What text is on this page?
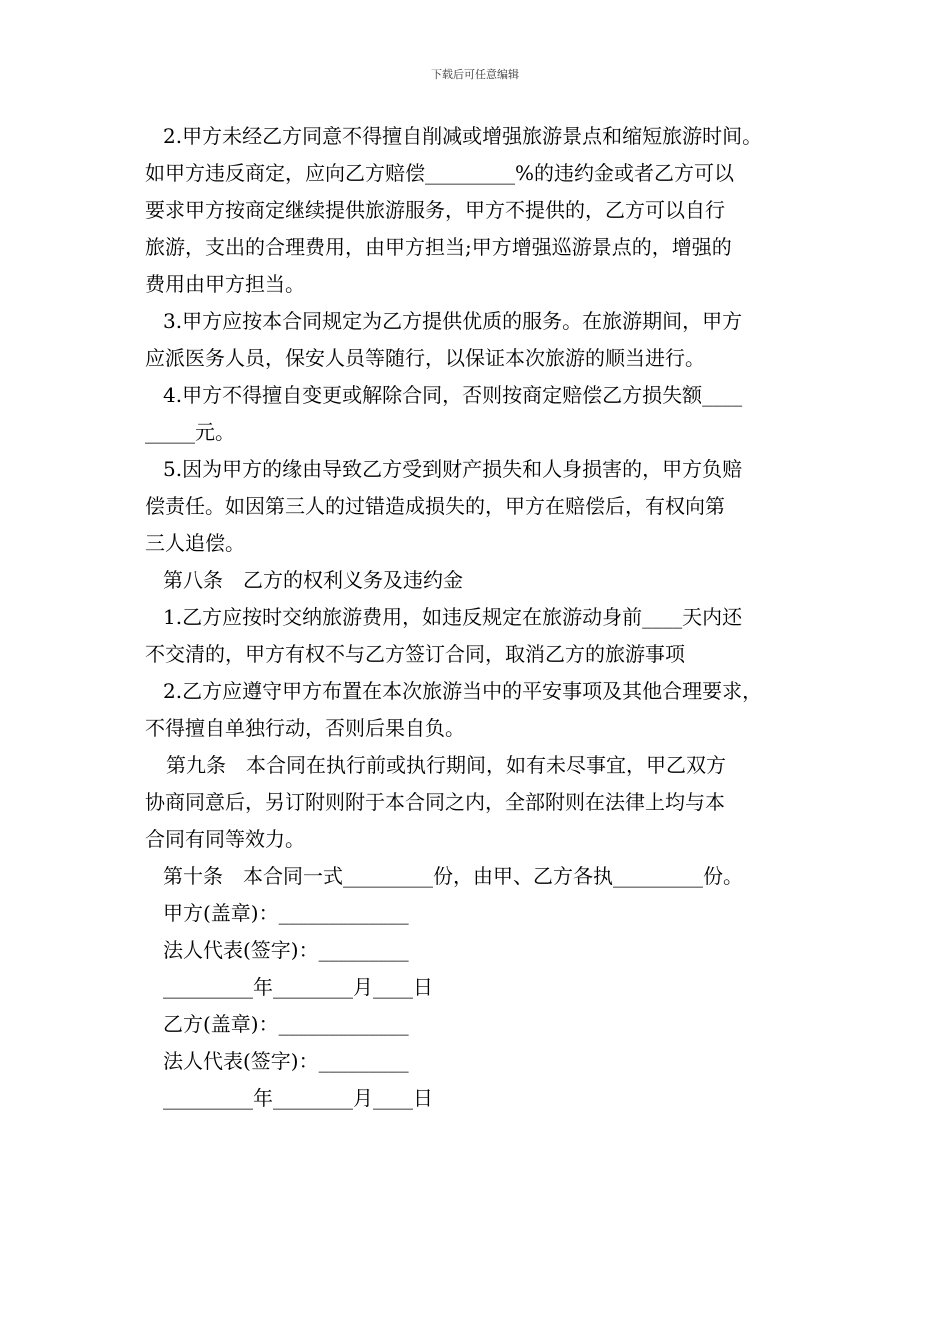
下载后可任意编辑
2.甲方未经乙方同意不得擅自削减或增强旅游景点和缩短旅游时间。
如甲方违反商定，应向乙方赔偿_________%的违约金或者乙方可以
要求甲方按商定继续提供旅游服务，甲方不提供的，乙方可以自行
旅游，支出的合理费用，由甲方担当;甲方增强巡游景点的，增强的
费用由甲方担当。
3.甲方应按本合同规定为乙方提供优质的服务。在旅游期间，甲方
应派医务人员，保安人员等随行，以保证本次旅游的顺当进行。
4.甲方不得擅自变更或解除合同，否则按商定赔偿乙方损失额____
_____元。
5.因为甲方的缘由导致乙方受到财产损失和人身损害的，甲方负赔
偿责任。如因第三人的过错造成损失的，甲方在赔偿后，有权向第
三人追偿。
第八条　乙方的权利义务及违约金
1.乙方应按时交纳旅游费用，如违反规定在旅游动身前____天内还
不交清的，甲方有权不与乙方签订合同，取消乙方的旅游事项
2.乙方应遵守甲方布置在本次旅游当中的平安事项及其他合理要求，
不得擅自单独行动，否则后果自负。
第九条　本合同在执行前或执行期间，如有未尽事宜，甲乙双方
协商同意后，另订附则附于本合同之内，全部附则在法律上均与本
合同有同等效力。
第十条　本合同一式_________份，由甲、乙方各执_________份。
甲方(盖章)：_____________
法人代表(签字)：_________
_________年________月____日
乙方(盖章)：_____________
法人代表(签字)：_________
_________年________月____日
